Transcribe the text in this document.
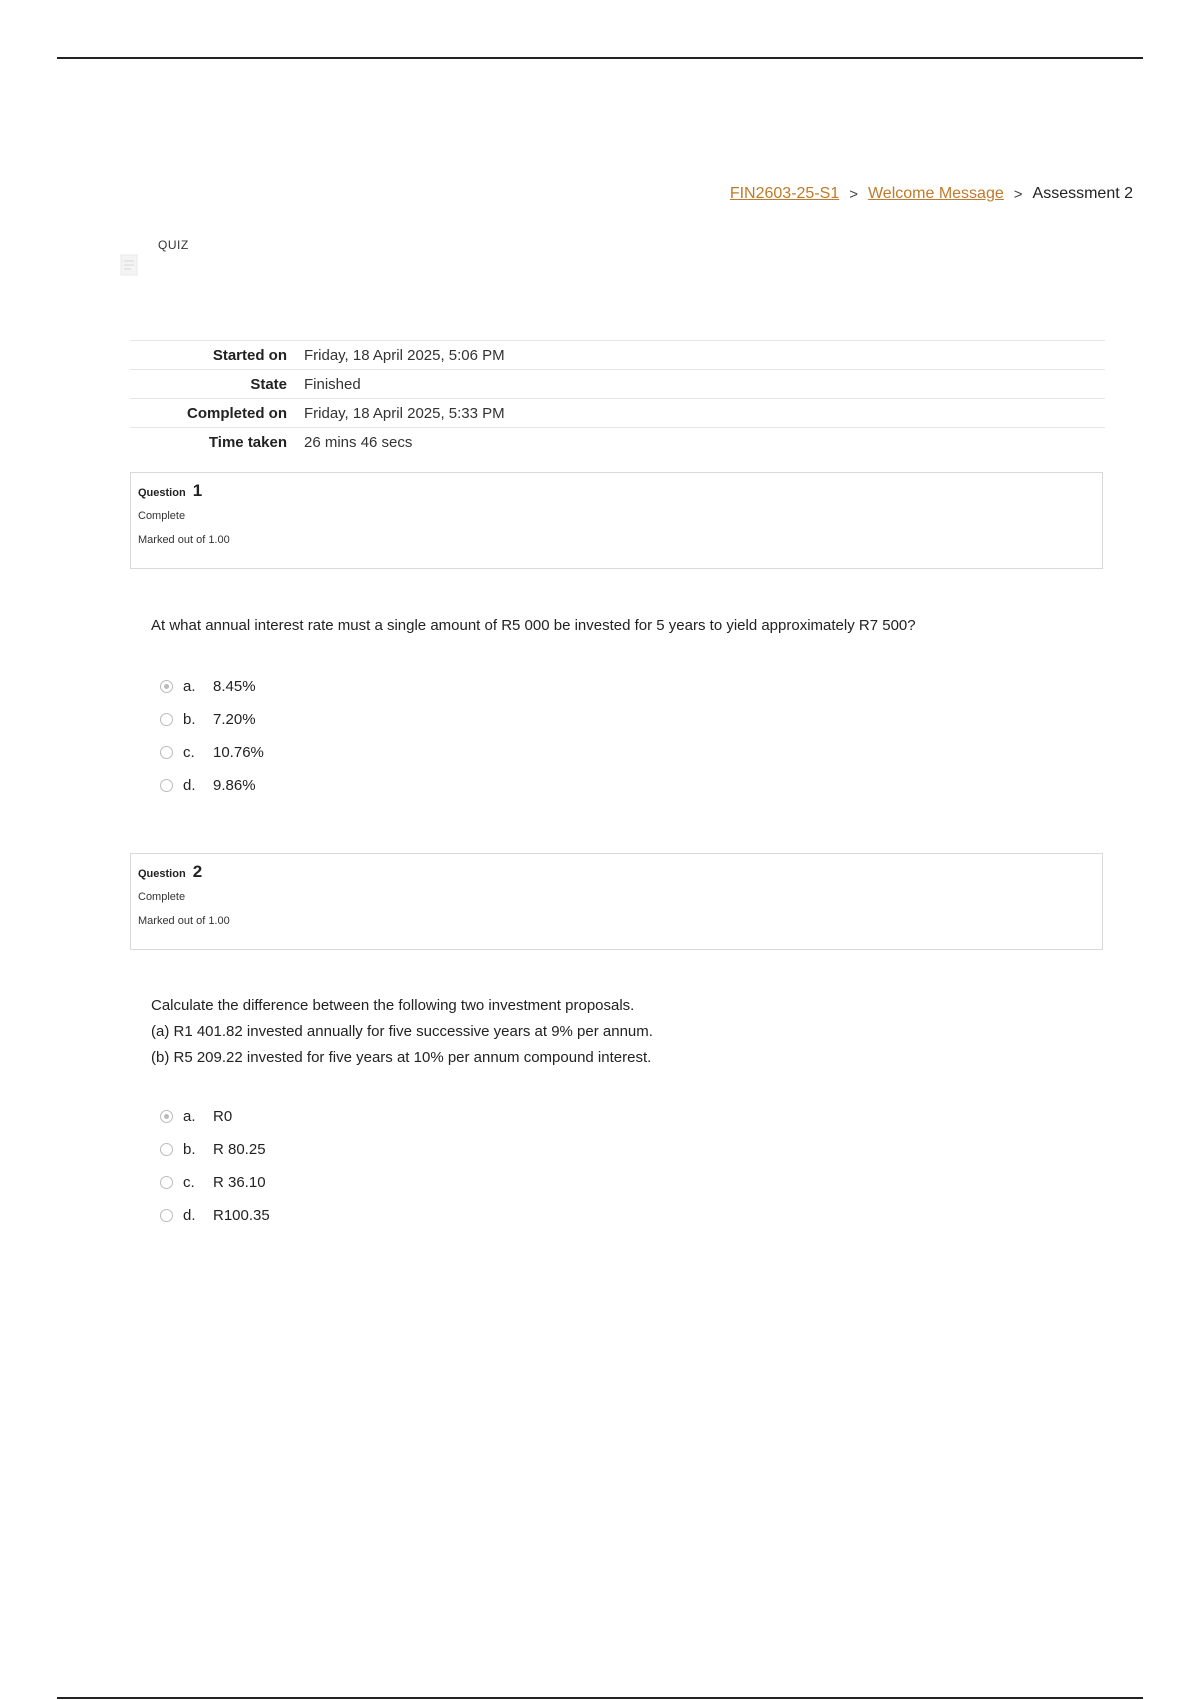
FIN2603-25-S1 > Welcome Message > Assessment 2
QUIZ
Started on	Friday, 18 April 2025, 5:06 PM
State	Finished
Completed on	Friday, 18 April 2025, 5:33 PM
Time taken	26 mins 46 secs
Question 1
Complete
Marked out of 1.00
At what annual interest rate must a single amount of R5 000 be invested for 5 years to yield approximately R7 500?
a.	8.45%
b.	7.20%
c.	10.76%
d.	9.86%
Question 2
Complete
Marked out of 1.00
Calculate the difference between the following two investment proposals.
(a) R1 401.82 invested annually for five successive years at 9% per annum.
(b) R5 209.22 invested for five years at 10% per annum compound interest.
a.	R0
b.	R 80.25
c.	R 36.10
d.	R100.35
